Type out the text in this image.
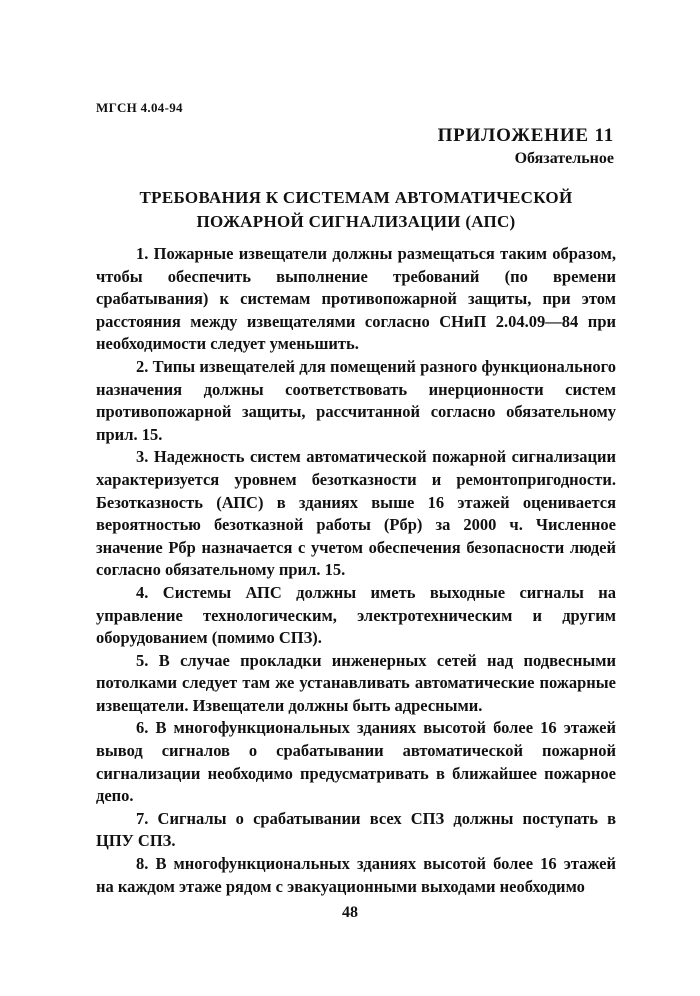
МГСН 4.04-94
ПРИЛОЖЕНИЕ 11
Обязательное
ТРЕБОВАНИЯ К СИСТЕМАМ АВТОМАТИЧЕСКОЙ
ПОЖАРНОЙ СИГНАЛИЗАЦИИ (АПС)

1. Пожарные извещатели должны размещаться таким образом, чтобы обеспечить выполнение требований (по времени срабатывания) к системам противопожарной защиты, при этом расстояния между извещателями согласно СНиП 2.04.09—84 при необходимости следует уменьшить.

2. Типы извещателей для помещений разного функционального назначения должны соответствовать инерционности систем противопожарной защиты, рассчитанной согласно обязательному прил. 15.

3. Надежность систем автоматической пожарной сигнализации характеризуется уровнем безотказности и ремонтопригодности. Безотказность (АПС) в зданиях выше 16 этажей оценивается вероятностью безотказной работы (Pбр) за 2000 ч. Численное значение Pбр назначается с учетом обеспечения безопасности людей согласно обязательному прил. 15.

4. Системы АПС должны иметь выходные сигналы на управление технологическим, электротехническим и другим оборудованием (помимо СПЗ).

5. В случае прокладки инженерных сетей над подвесными потолками следует там же устанавливать автоматические пожарные извещатели. Извещатели должны быть адресными.

6. В многофункциональных зданиях высотой более 16 этажей вывод сигналов о срабатывании автоматической пожарной сигнализации необходимо предусматривать в ближайшее пожарное депо.

7. Сигналы о срабатывании всех СПЗ должны поступать в ЦПУ СПЗ.

8. В многофункциональных зданиях высотой более 16 этажей на каждом этаже рядом с эвакуационными выходами необходимо

48
